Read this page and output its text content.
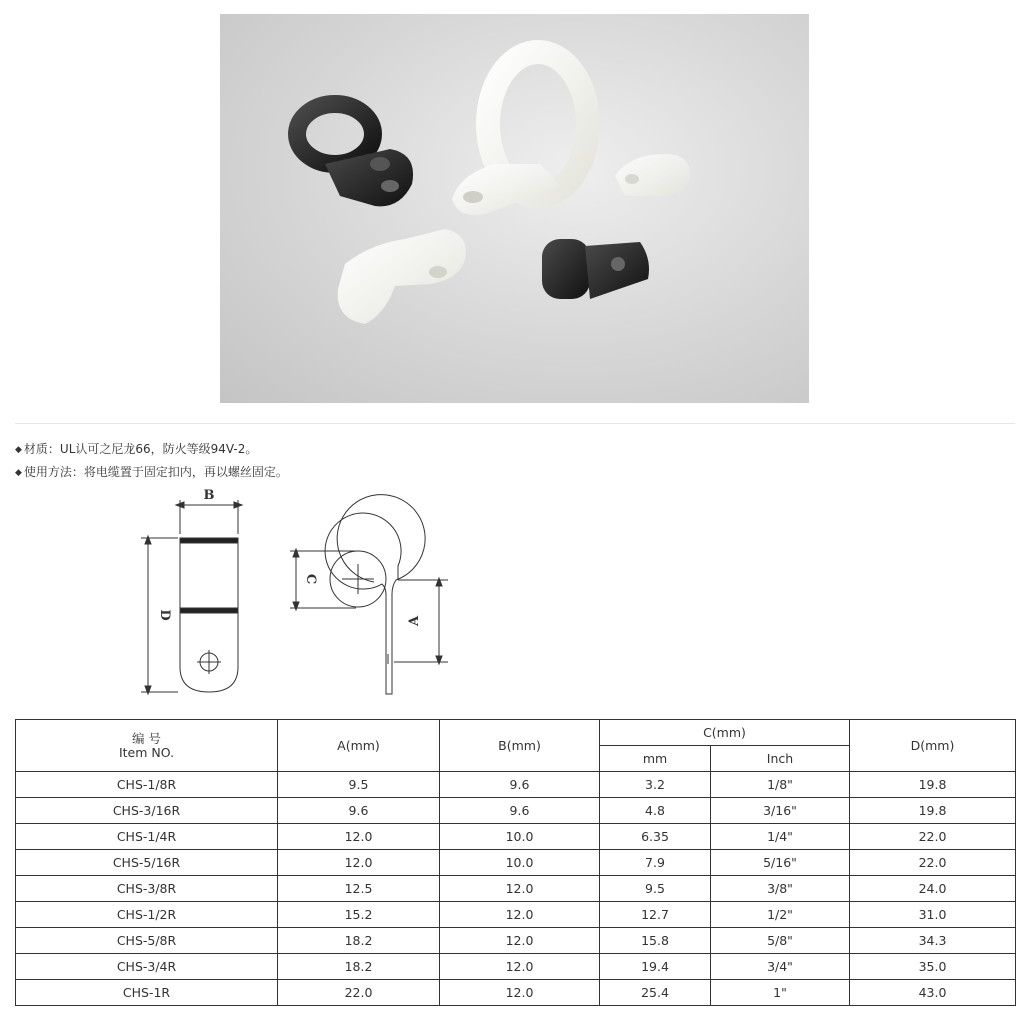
◆ 材质：UL认可之尼龙66，防火等级94V-2。
◆ 使用方法：将电缆置于固定扣内，再以螺丝固定。
B
D
C
A
编 号
Item NO.	A(mm)	B(mm)	C(mm)		D(mm)
			mm	Inch	
CHS-1/8R	9.5	9.6	3.2	1/8"	19.8
CHS-3/16R	9.6	9.6	4.8	3/16"	19.8
CHS-1/4R	12.0	10.0	6.35	1/4"	22.0
CHS-5/16R	12.0	10.0	7.9	5/16"	22.0
CHS-3/8R	12.5	12.0	9.5	3/8"	24.0
CHS-1/2R	15.2	12.0	12.7	1/2"	31.0
CHS-5/8R	18.2	12.0	15.8	5/8"	34.3
CHS-3/4R	18.2	12.0	19.4	3/4"	35.0
CHS-1R	22.0	12.0	25.4	1"	43.0
